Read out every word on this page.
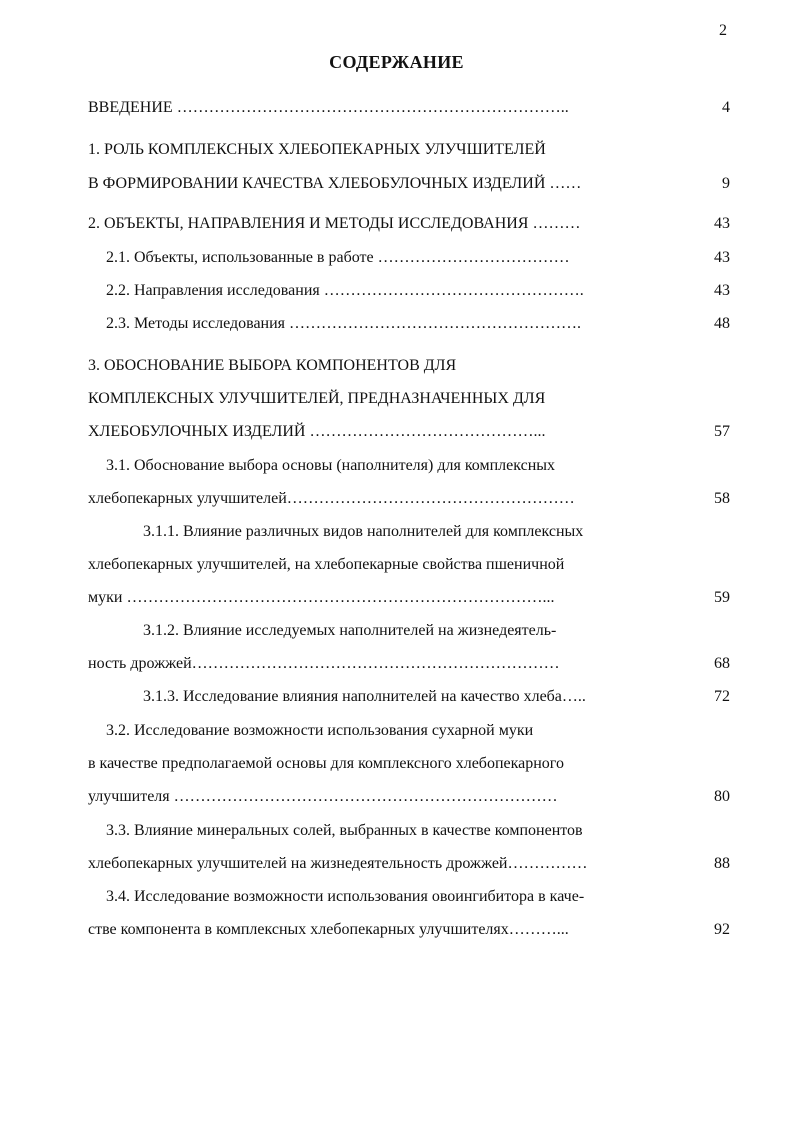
2
СОДЕРЖАНИЕ
ВВЕДЕНИЕ ………………………………………………………………..	4
1. РОЛЬ КОМПЛЕКСНЫХ ХЛЕБОПЕКАРНЫХ УЛУЧШИТЕЛЕЙ
В ФОРМИРОВАНИИ КАЧЕСТВА ХЛЕБОБУЛОЧНЫХ ИЗДЕЛИЙ ……	9
2. ОБЪЕКТЫ, НАПРАВЛЕНИЯ И МЕТОДЫ ИССЛЕДОВАНИЯ ………	43
2.1. Объекты, использованные в работе ………………………………	43
2.2. Направления исследования ………………………………………….	43
2.3. Методы исследования ……………………………………………….	48
3. ОБОСНОВАНИЕ ВЫБОРА КОМПОНЕНТОВ ДЛЯ
КОМПЛЕКСНЫХ УЛУЧШИТЕЛЕЙ, ПРЕДНАЗНАЧЕННЫХ ДЛЯ
ХЛЕБОБУЛОЧНЫХ ИЗДЕЛИЙ ……………………………………...	57
3.1. Обоснование выбора основы (наполнителя) для комплексных
хлебопекарных улучшителей………………………………………………	58
3.1.1. Влияние различных видов наполнителей для комплексных
хлебопекарных улучшителей, на хлебопекарные свойства пшеничной
муки ……………………………………………………………………...	59
3.1.2. Влияние исследуемых наполнителей на жизнедеятель-
ность дрожжей……………………………………………………………	68
3.1.3. Исследование влияния наполнителей на качество хлеба…..	72
3.2. Исследование возможности использования сухарной муки
в качестве предполагаемой основы для комплексного хлебопекарного
улучшителя ………………………………………………………………	80
3.3. Влияние минеральных солей, выбранных в качестве компонентов
хлебопекарных улучшителей на жизнедеятельность дрожжей……………	88
3.4. Исследование возможности использования овоингибитора в каче-
стве компонента в комплексных хлебопекарных улучшителях………...	92
